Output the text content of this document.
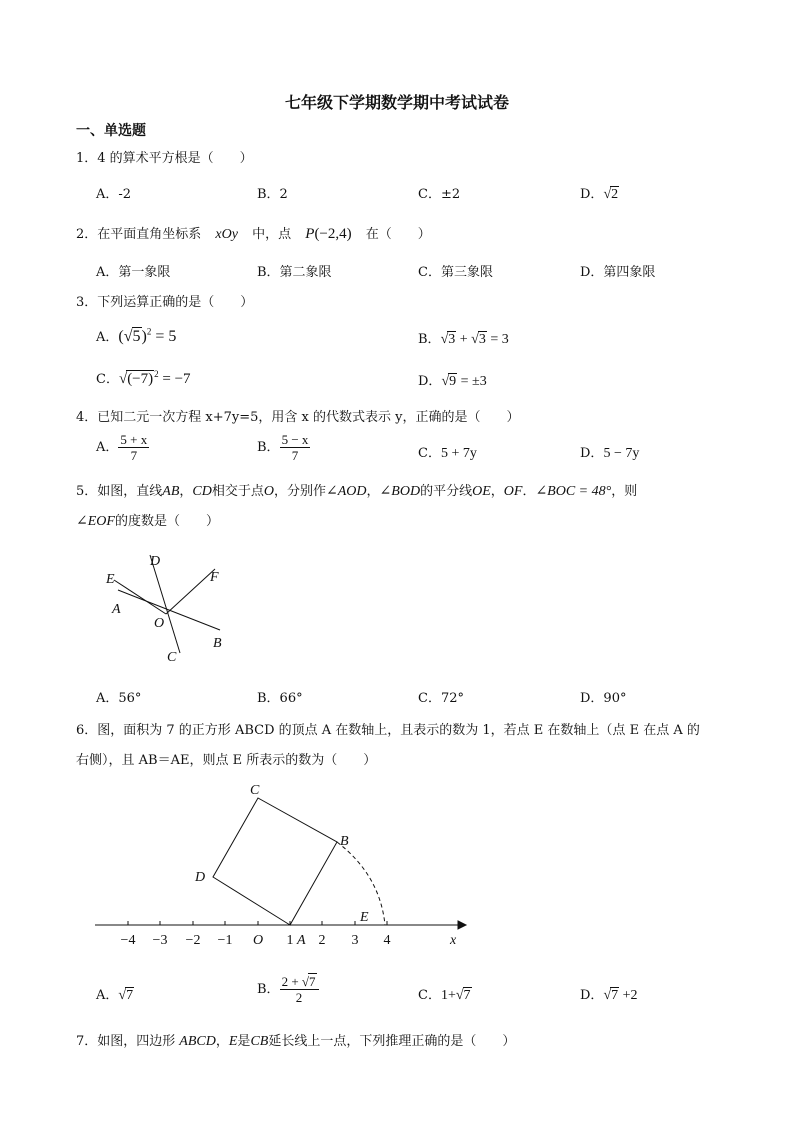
七年级下学期数学期中考试试卷
一、单选题
1．4 的算术平方根是（　　）
A．-2	B．2	C．±2	D．√2
2．在平面直角坐标系 xOy 中，点 P(−2,4) 在（　　）
A．第一象限	B．第二象限	C．第三象限	D．第四象限
3．下列运算正确的是（　　）
A．$(√5)^2 = 5$	B．√3 + √3 = 3
C．$√(-7)^2 = -7$	D．√9 = ±3
4．已知二元一次方程 x+7y=5，用含 x 的代数式表示 y，正确的是（　　）
A． $\frac{5 + x}{7}$	B． $\frac{5 - x}{7}$	C．5 + 7y	D．5 − 7y
5．如图，直线AB，CD相交于点O，分别作∠AOD，∠BOD的平分线OE，OF．∠BOC = 48°，则
∠EOF的度数是（　　）
D
E	F
A
O
B
C
A．56°	B．66°	C．72°	D．90°
6．图，面积为 7 的正方形 ABCD 的顶点 A 在数轴上，且表示的数为 1，若点 E 在数轴上（点 E 在点 A 的
右侧），且 AB＝AE，则点 E 所表示的数为（　　）
−4 −3 −2 −1 O 1 2 3 4
C
B
D
E
A	x
A．√7	B． $\frac{2 + √7}{2}$	C．1+√7	D．√7 +2
7．如图，四边形 ABCD，E是CB延长线上一点，下列推理正确的是（　　）
